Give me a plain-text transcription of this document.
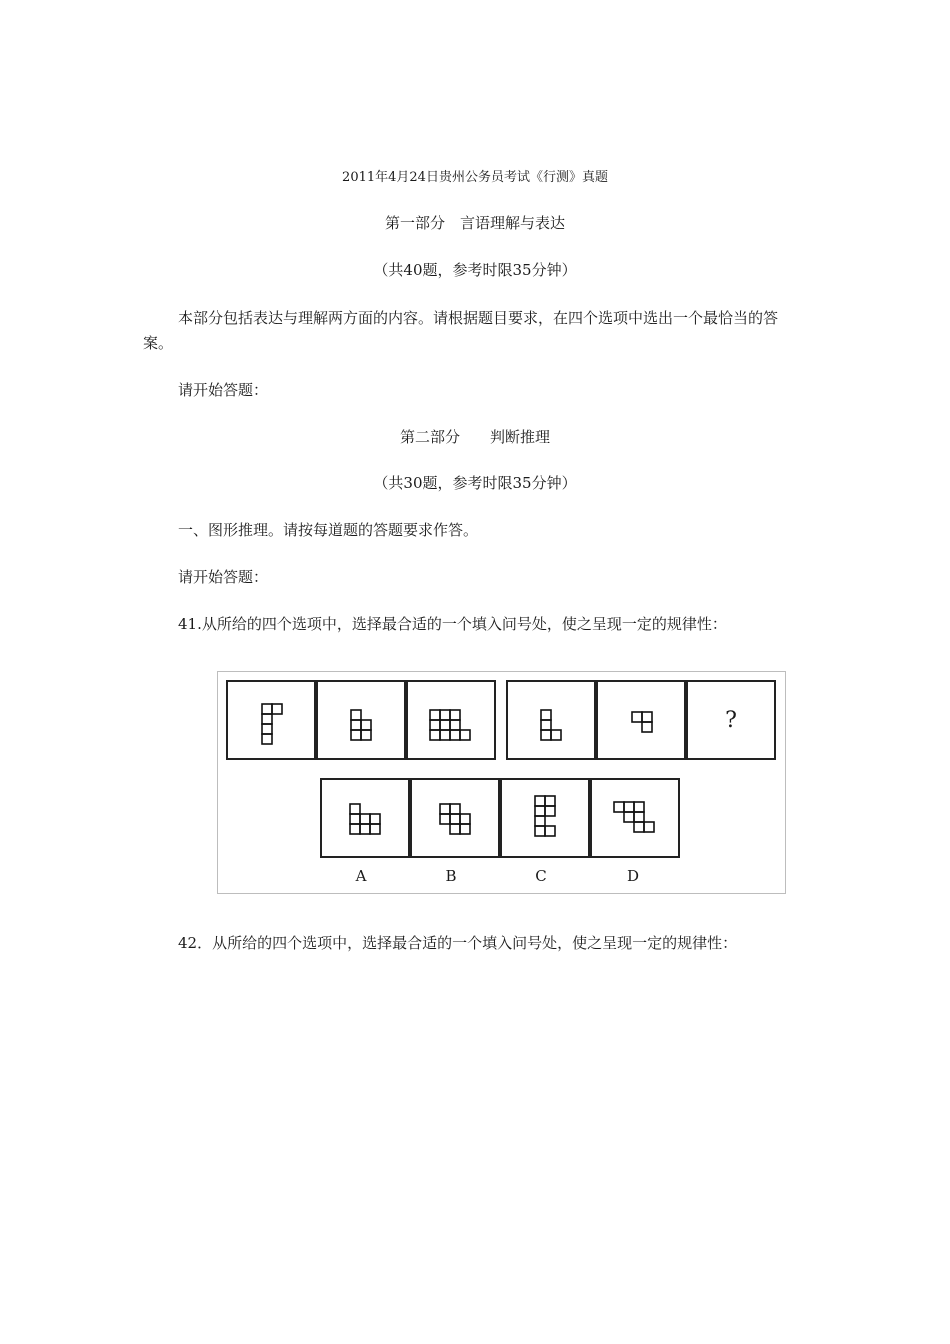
2011年4月24日贵州公务员考试《行测》真题
第一部分　言语理解与表达
（共40题，参考时限35分钟）
本部分包括表达与理解两方面的内容。请根据题目要求，在四个选项中选出一个最恰当的答案。
请开始答题：
第二部分　　判断推理
（共30题，参考时限35分钟）
一、图形推理。请按每道题的答题要求作答。
请开始答题：
41.从所给的四个选项中，选择最合适的一个填入问号处，使之呈现一定的规律性：
?
A	B	C	D
42．从所给的四个选项中，选择最合适的一个填入问号处，使之呈现一定的规律性：
